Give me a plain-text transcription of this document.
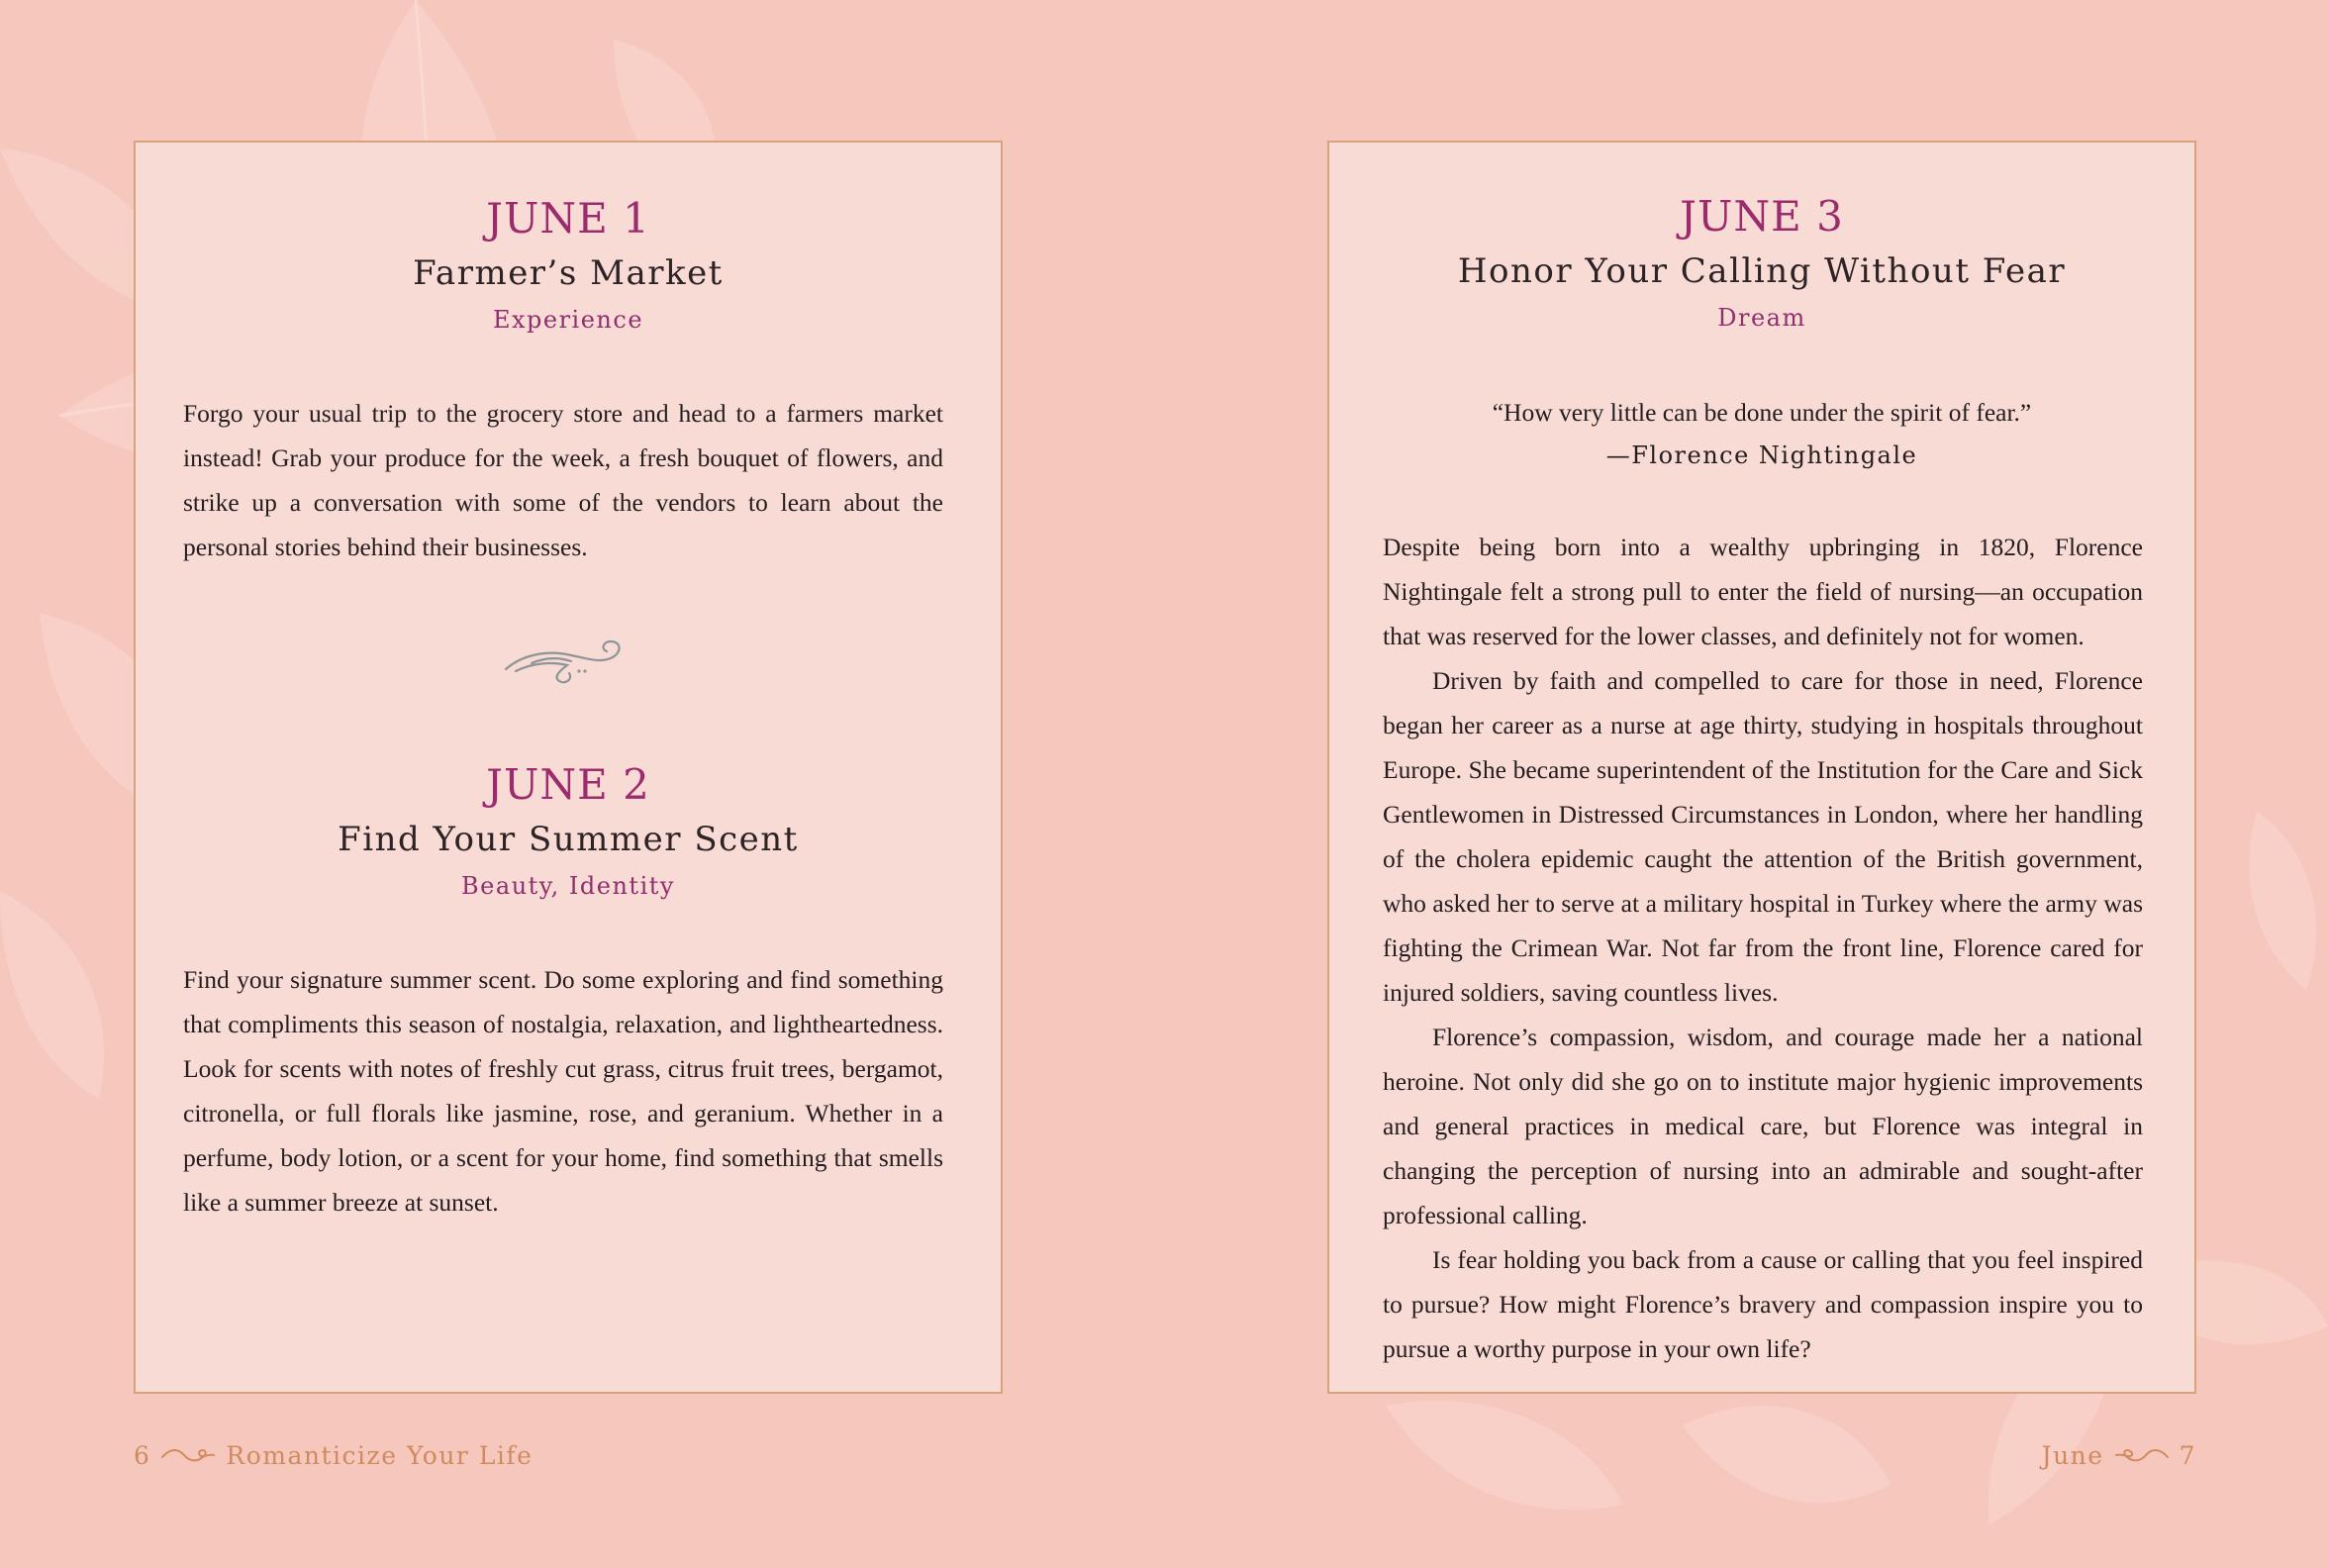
JUNE 1
Farmer’s Market
Experience

Forgo your usual trip to the grocery store and head to a farmers market instead! Grab your produce for the week, a fresh bouquet of flowers, and strike up a conversation with some of the vendors to learn about the personal stories behind their businesses.

JUNE 2
Find Your Summer Scent
Beauty, Identity

Find your signature summer scent. Do some exploring and find something that compliments this season of nostalgia, relaxation, and lightheartedness. Look for scents with notes of freshly cut grass, citrus fruit trees, bergamot, citronella, or full florals like jasmine, rose, and geranium. Whether in a perfume, body lotion, or a scent for your home, find something that smells like a summer breeze at sunset.

JUNE 3
Honor Your Calling Without Fear
Dream
“How very little can be done under the spirit of fear.”
—Florence Nightingale

Despite being born into a wealthy upbringing in 1820, Florence Nightingale felt a strong pull to enter the field of nursing—an occupation that was reserved for the lower classes, and definitely not for women.

Driven by faith and compelled to care for those in need, Florence began her career as a nurse at age thirty, studying in hospitals throughout Europe. She became superintendent of the Institution for the Care and Sick Gentlewomen in Distressed Circumstances in London, where her handling of the cholera epidemic caught the attention of the British government, who asked her to serve at a military hospital in Turkey where the army was fighting the Crimean War. Not far from the front line, Florence cared for injured soldiers, saving countless lives.

Florence’s compassion, wisdom, and courage made her a national heroine. Not only did she go on to institute major hygienic improvements and general practices in medical care, but Florence was integral in changing the perception of nursing into an admirable and sought-after professional calling.

Is fear holding you back from a cause or calling that you feel inspired to pursue? How might Florence’s bravery and compassion inspire you to pursue a worthy purpose in your own life?

6	Romanticize Your Life	June	7
